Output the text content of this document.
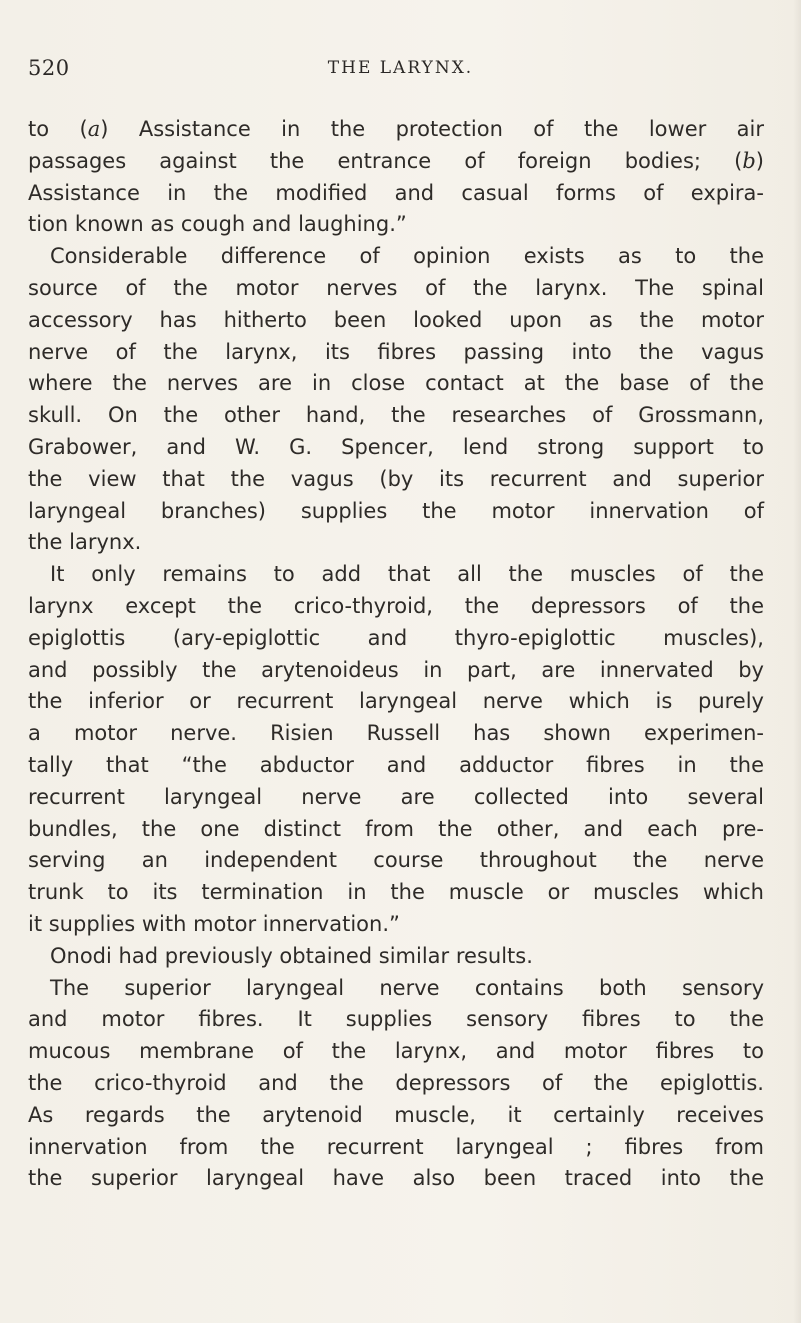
520	THE LARYNX.
to (a) Assistance in the protection of the lower air
passages against the entrance of foreign bodies; (b)
Assistance in the modified and casual forms of expira-
tion known as cough and laughing.”
Considerable difference of opinion exists as to the
source of the motor nerves of the larynx. The spinal
accessory has hitherto been looked upon as the motor
nerve of the larynx, its fibres passing into the vagus
where the nerves are in close contact at the base of the
skull. On the other hand, the researches of Grossmann,
Grabower, and W. G. Spencer, lend strong support to
the view that the vagus (by its recurrent and superior
laryngeal branches) supplies the motor innervation of
the larynx.
It only remains to add that all the muscles of the
larynx except the crico-thyroid, the depressors of the
epiglottis (ary-epiglottic and thyro-epiglottic muscles),
and possibly the arytenoideus in part, are innervated by
the inferior or recurrent laryngeal nerve which is purely
a motor nerve. Risien Russell has shown experimen-
tally that “the abductor and adductor fibres in the
recurrent laryngeal nerve are collected into several
bundles, the one distinct from the other, and each pre-
serving an independent course throughout the nerve
trunk to its termination in the muscle or muscles which
it supplies with motor innervation.”
Onodi had previously obtained similar results.
The superior laryngeal nerve contains both sensory
and motor fibres. It supplies sensory fibres to the
mucous membrane of the larynx, and motor fibres to
the crico-thyroid and the depressors of the epiglottis.
As regards the arytenoid muscle, it certainly receives
innervation from the recurrent laryngeal ; fibres from
the superior laryngeal have also been traced into the
